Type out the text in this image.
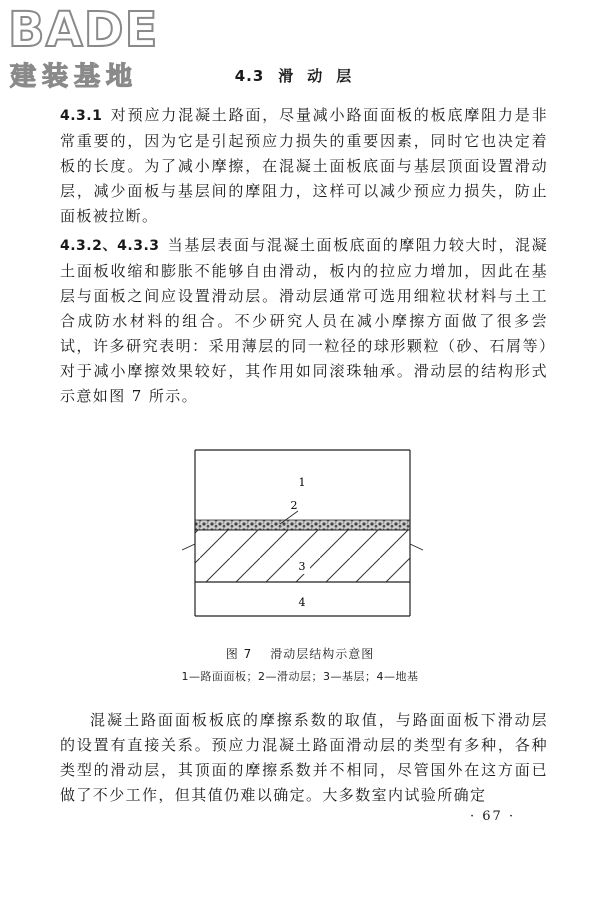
BADE
建装基地	4.3 滑动层

4.3.1 对预应力混凝土路面，尽量减小路面面板的板底摩阻力是非常重要的，因为它是引起预应力损失的重要因素，同时它也决定着板的长度。为了减小摩擦，在混凝土面板底面与基层顶面设置滑动层，减少面板与基层间的摩阻力，这样可以减少预应力损失，防止面板被拉断。

4.3.2、4.3.3 当基层表面与混凝土面板底面的摩阻力较大时，混凝土面板收缩和膨胀不能够自由滑动，板内的拉应力增加，因此在基层与面板之间应设置滑动层。滑动层通常可选用细粒状材料与土工合成防水材料的组合。不少研究人员在减小摩擦方面做了很多尝试，许多研究表明：采用薄层的同一粒径的球形颗粒（砂、石屑等）对于减小摩擦效果较好，其作用如同滚珠轴承。滑动层的结构形式示意如图 7 所示。

1
2
3
4
图 7 滑动层结构示意图
1—路面面板；2—滑动层；3—基层；4—地基

混凝土路面面板板底的摩擦系数的取值，与路面面板下滑动层的设置有直接关系。预应力混凝土路面滑动层的类型有多种，各种类型的滑动层，其顶面的摩擦系数并不相同，尽管国外在这方面已做了不少工作，但其值仍难以确定。大多数室内试验所确定

· 67 ·
